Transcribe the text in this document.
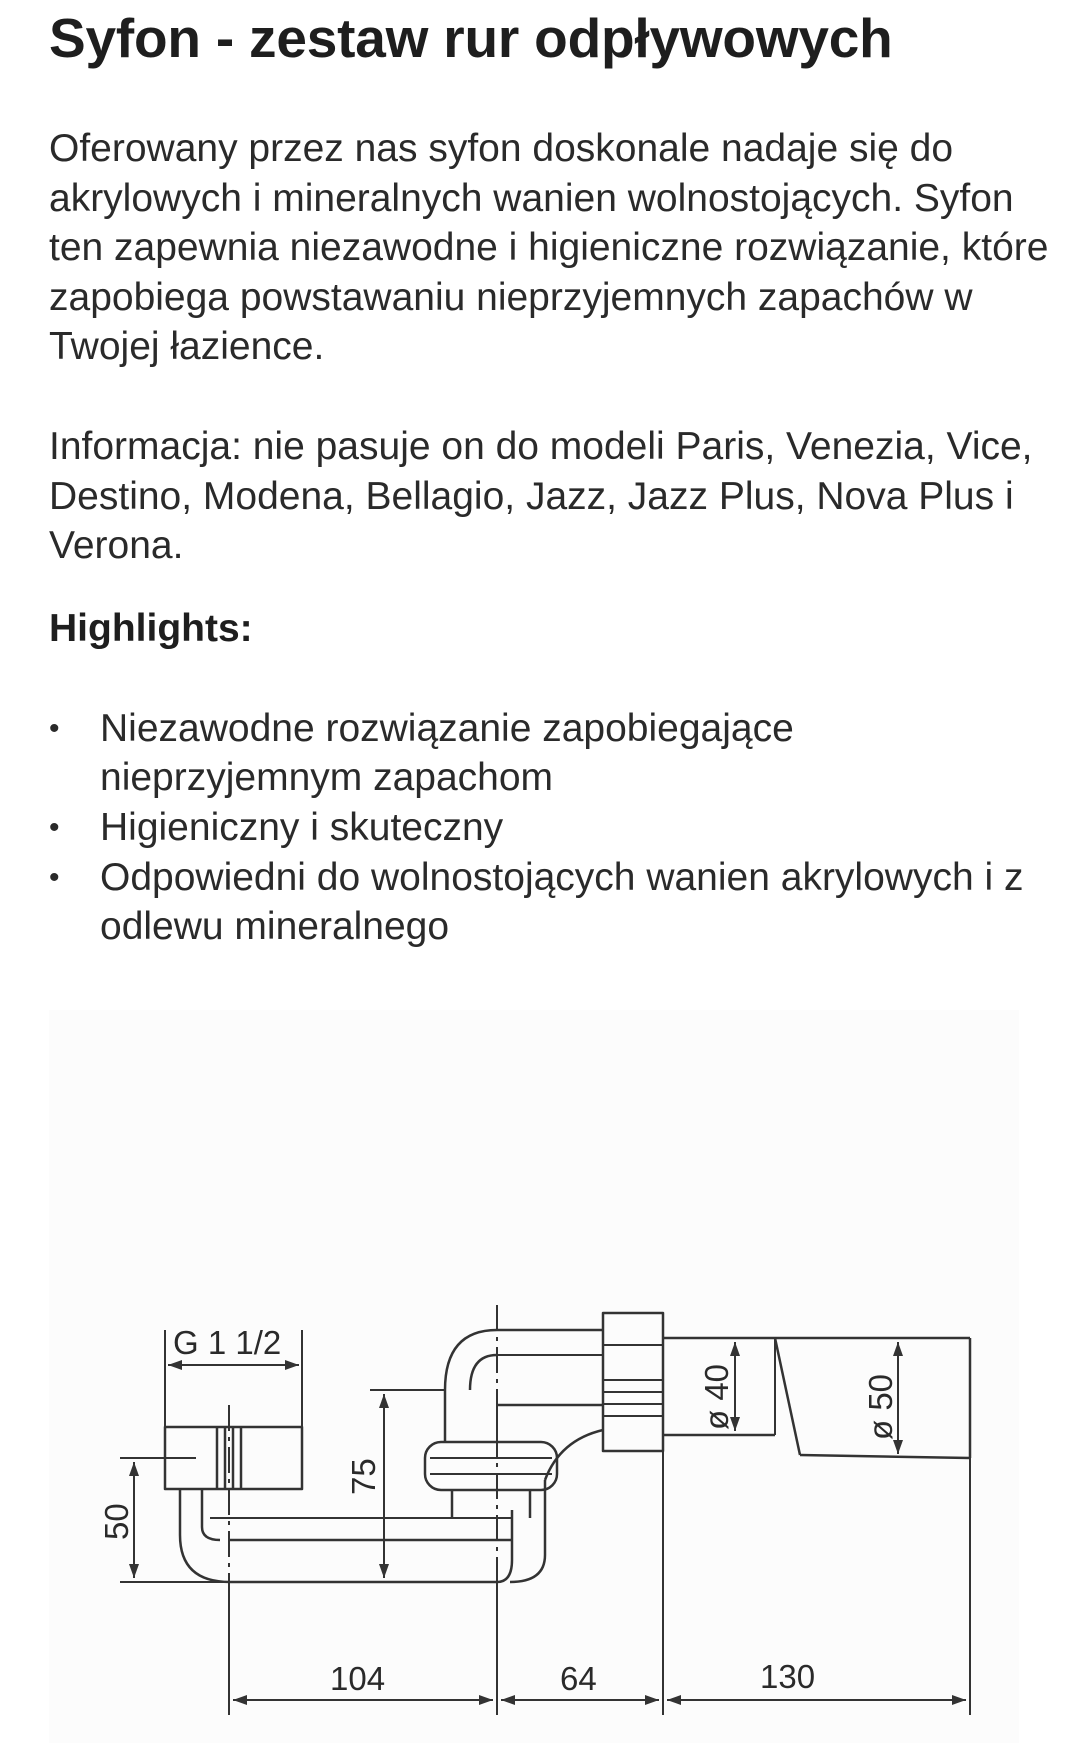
Syfon - zestaw rur odpływowych

Oferowany przez nas syfon doskonale nadaje się do akrylowych i mineralnych wanien wolnostojących. Syfon ten zapewnia niezawodne i higieniczne rozwiązanie, które zapobiega powstawaniu nieprzyjemnych zapachów w Twojej łazience.

Informacja: nie pasuje on do modeli Paris, Venezia, Vice, Destino, Modena, Bellagio, Jazz, Jazz Plus, Nova Plus i Verona.

Highlights:
• Niezawodne rozwiązanie zapobiegające nieprzyjemnym zapachom
• Higieniczny i skuteczny
• Odpowiedni do wolnostojących wanien akrylowych i z odlewu mineralnego
G 1 1/2
50
75
ø 40	ø 50
104	64	130
